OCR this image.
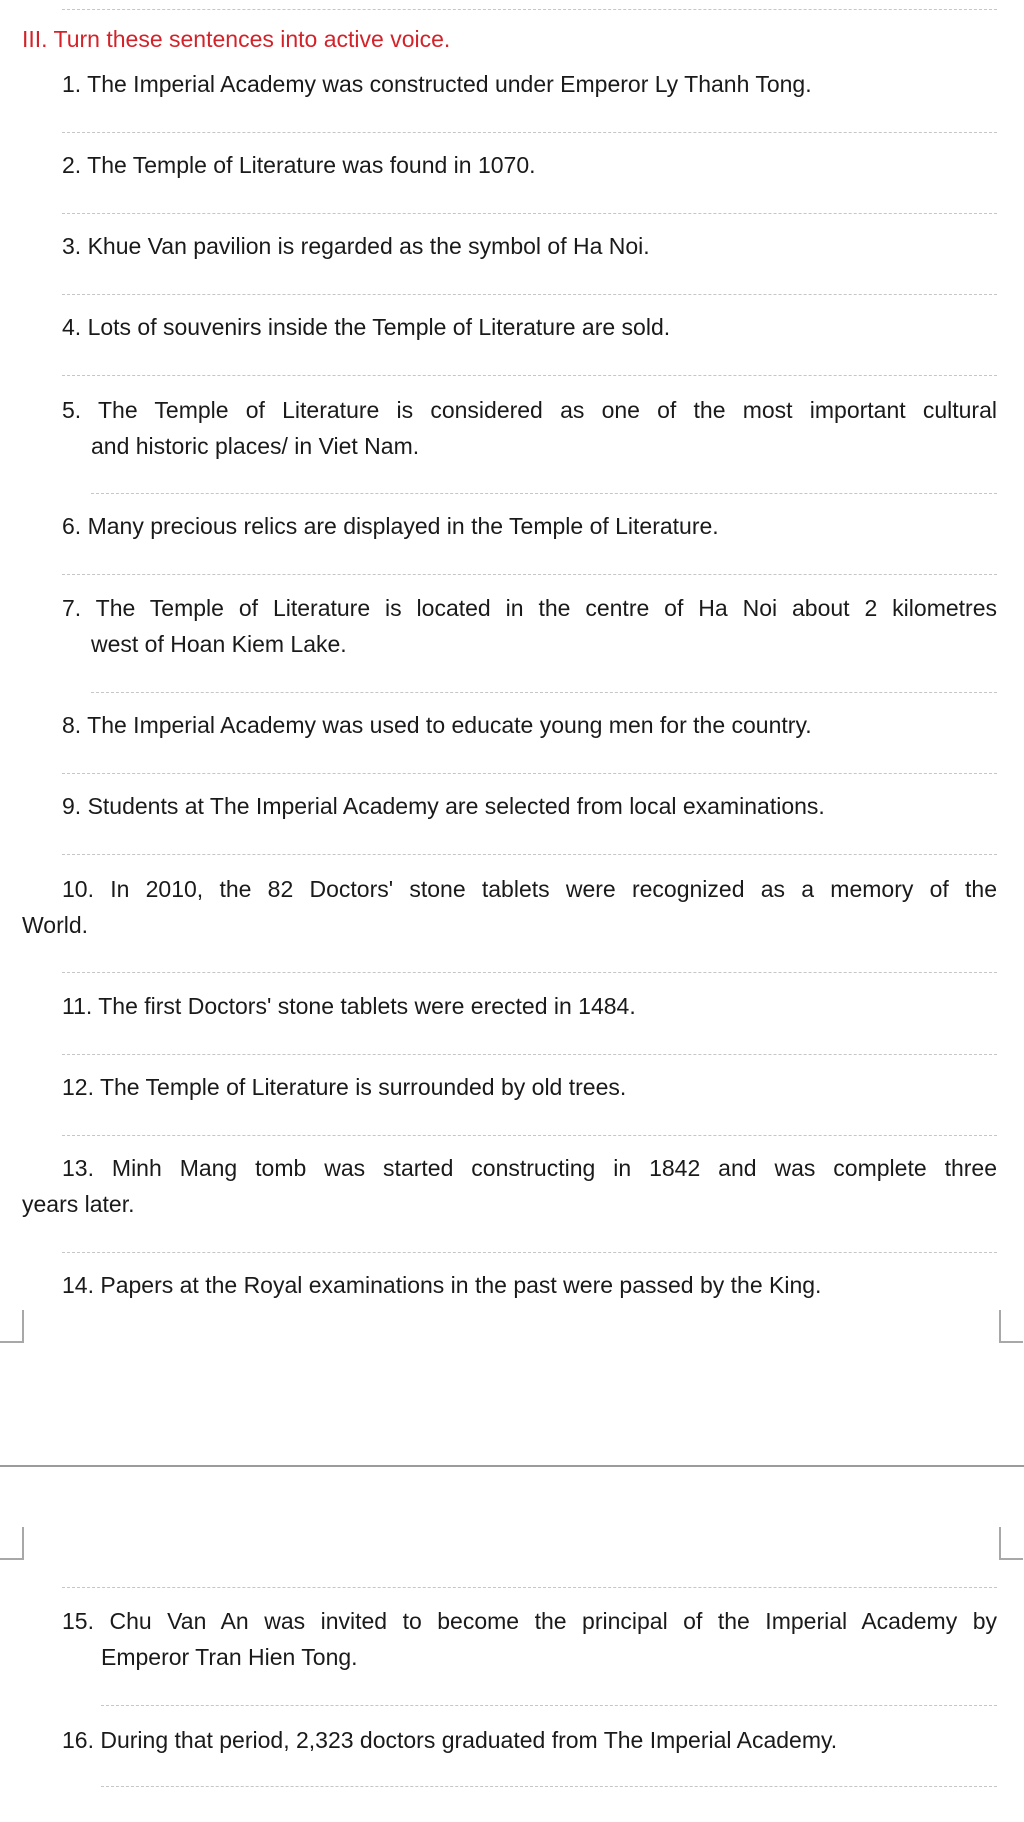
III. Turn these sentences into active voice.
1. The Imperial Academy was constructed under Emperor Ly Thanh Tong.
2. The Temple of Literature was found in 1070.
3. Khue Van pavilion is regarded as the symbol of Ha Noi.
4. Lots of souvenirs inside the Temple of Literature are sold.
5. The Temple of Literature is considered as one of the most important cultural
and historic places/ in Viet Nam.
6. Many precious relics are displayed in the Temple of Literature.
7. The Temple of Literature is located in the centre of Ha Noi about 2 kilometres
west of Hoan Kiem Lake.
8. The Imperial Academy was used to educate young men for the country.
9. Students at The Imperial Academy are selected from local examinations.
10. In 2010, the 82 Doctors' stone tablets were recognized as a memory of the
World.
11. The first Doctors' stone tablets were erected in 1484.
12. The Temple of Literature is surrounded by old trees.
13. Minh Mang tomb was started constructing in 1842 and was complete three
years later.
14. Papers at the Royal examinations in the past were passed by the King.
15. Chu Van An was invited to become the principal of the Imperial Academy by
Emperor Tran Hien Tong.
16. During that period, 2,323 doctors graduated from The Imperial Academy.
